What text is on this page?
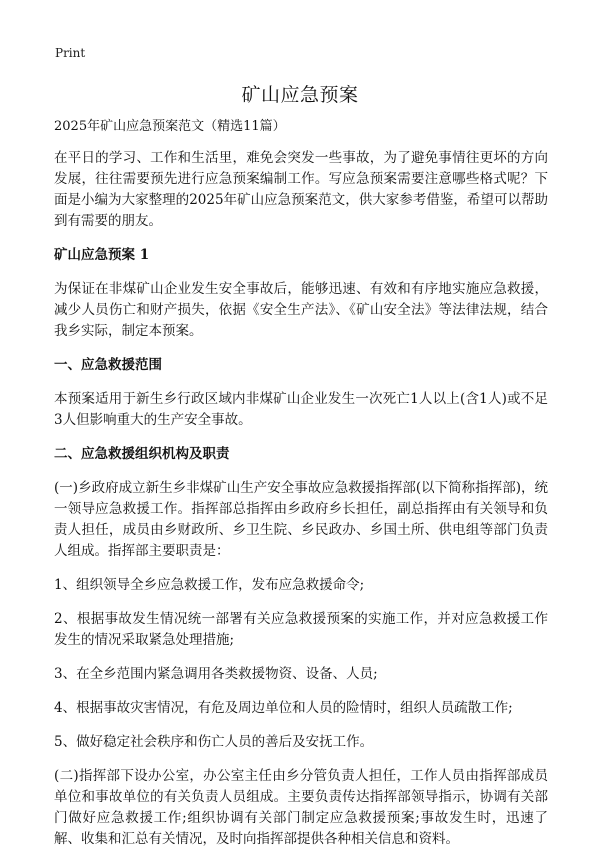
Print
矿山应急预案
2025年矿山应急预案范文（精选11篇）

在平日的学习、工作和生活里，难免会突发一些事故，为了避免事情往更坏的方向发展，往往需要预先进行应急预案编制工作。写应急预案需要注意哪些格式呢？下面是小编为大家整理的2025年矿山应急预案范文，供大家参考借鉴，希望可以帮助到有需要的朋友。

矿山应急预案 1

为保证在非煤矿山企业发生安全事故后，能够迅速、有效和有序地实施应急救援，减少人员伤亡和财产损失，依据《安全生产法》、《矿山安全法》等法律法规，结合我乡实际，制定本预案。

一、应急救援范围

本预案适用于新生乡行政区域内非煤矿山企业发生一次死亡1人以上(含1人)或不足3人但影响重大的生产安全事故。

二、应急救援组织机构及职责

(一)乡政府成立新生乡非煤矿山生产安全事故应急救援指挥部(以下简称指挥部)，统一领导应急救援工作。指挥部总指挥由乡政府乡长担任，副总指挥由有关领导和负责人担任，成员由乡财政所、乡卫生院、乡民政办、乡国土所、供电组等部门负责人组成。指挥部主要职责是：

1、组织领导全乡应急救援工作，发布应急救援命令;

2、根据事故发生情况统一部署有关应急救援预案的实施工作，并对应急救援工作发生的情况采取紧急处理措施;

3、在全乡范围内紧急调用各类救援物资、设备、人员;

4、根据事故灾害情况，有危及周边单位和人员的险情时，组织人员疏散工作;

5、做好稳定社会秩序和伤亡人员的善后及安抚工作。

(二)指挥部下设办公室，办公室主任由乡分管负责人担任，工作人员由指挥部成员单位和事故单位的有关负责人员组成。主要负责传达指挥部领导指示，协调有关部门做好应急救援工作;组织协调有关部门制定应急救援预案;事故发生时，迅速了解、收集和汇总有关情况，及时向指挥部提供各种相关信息和资料。
